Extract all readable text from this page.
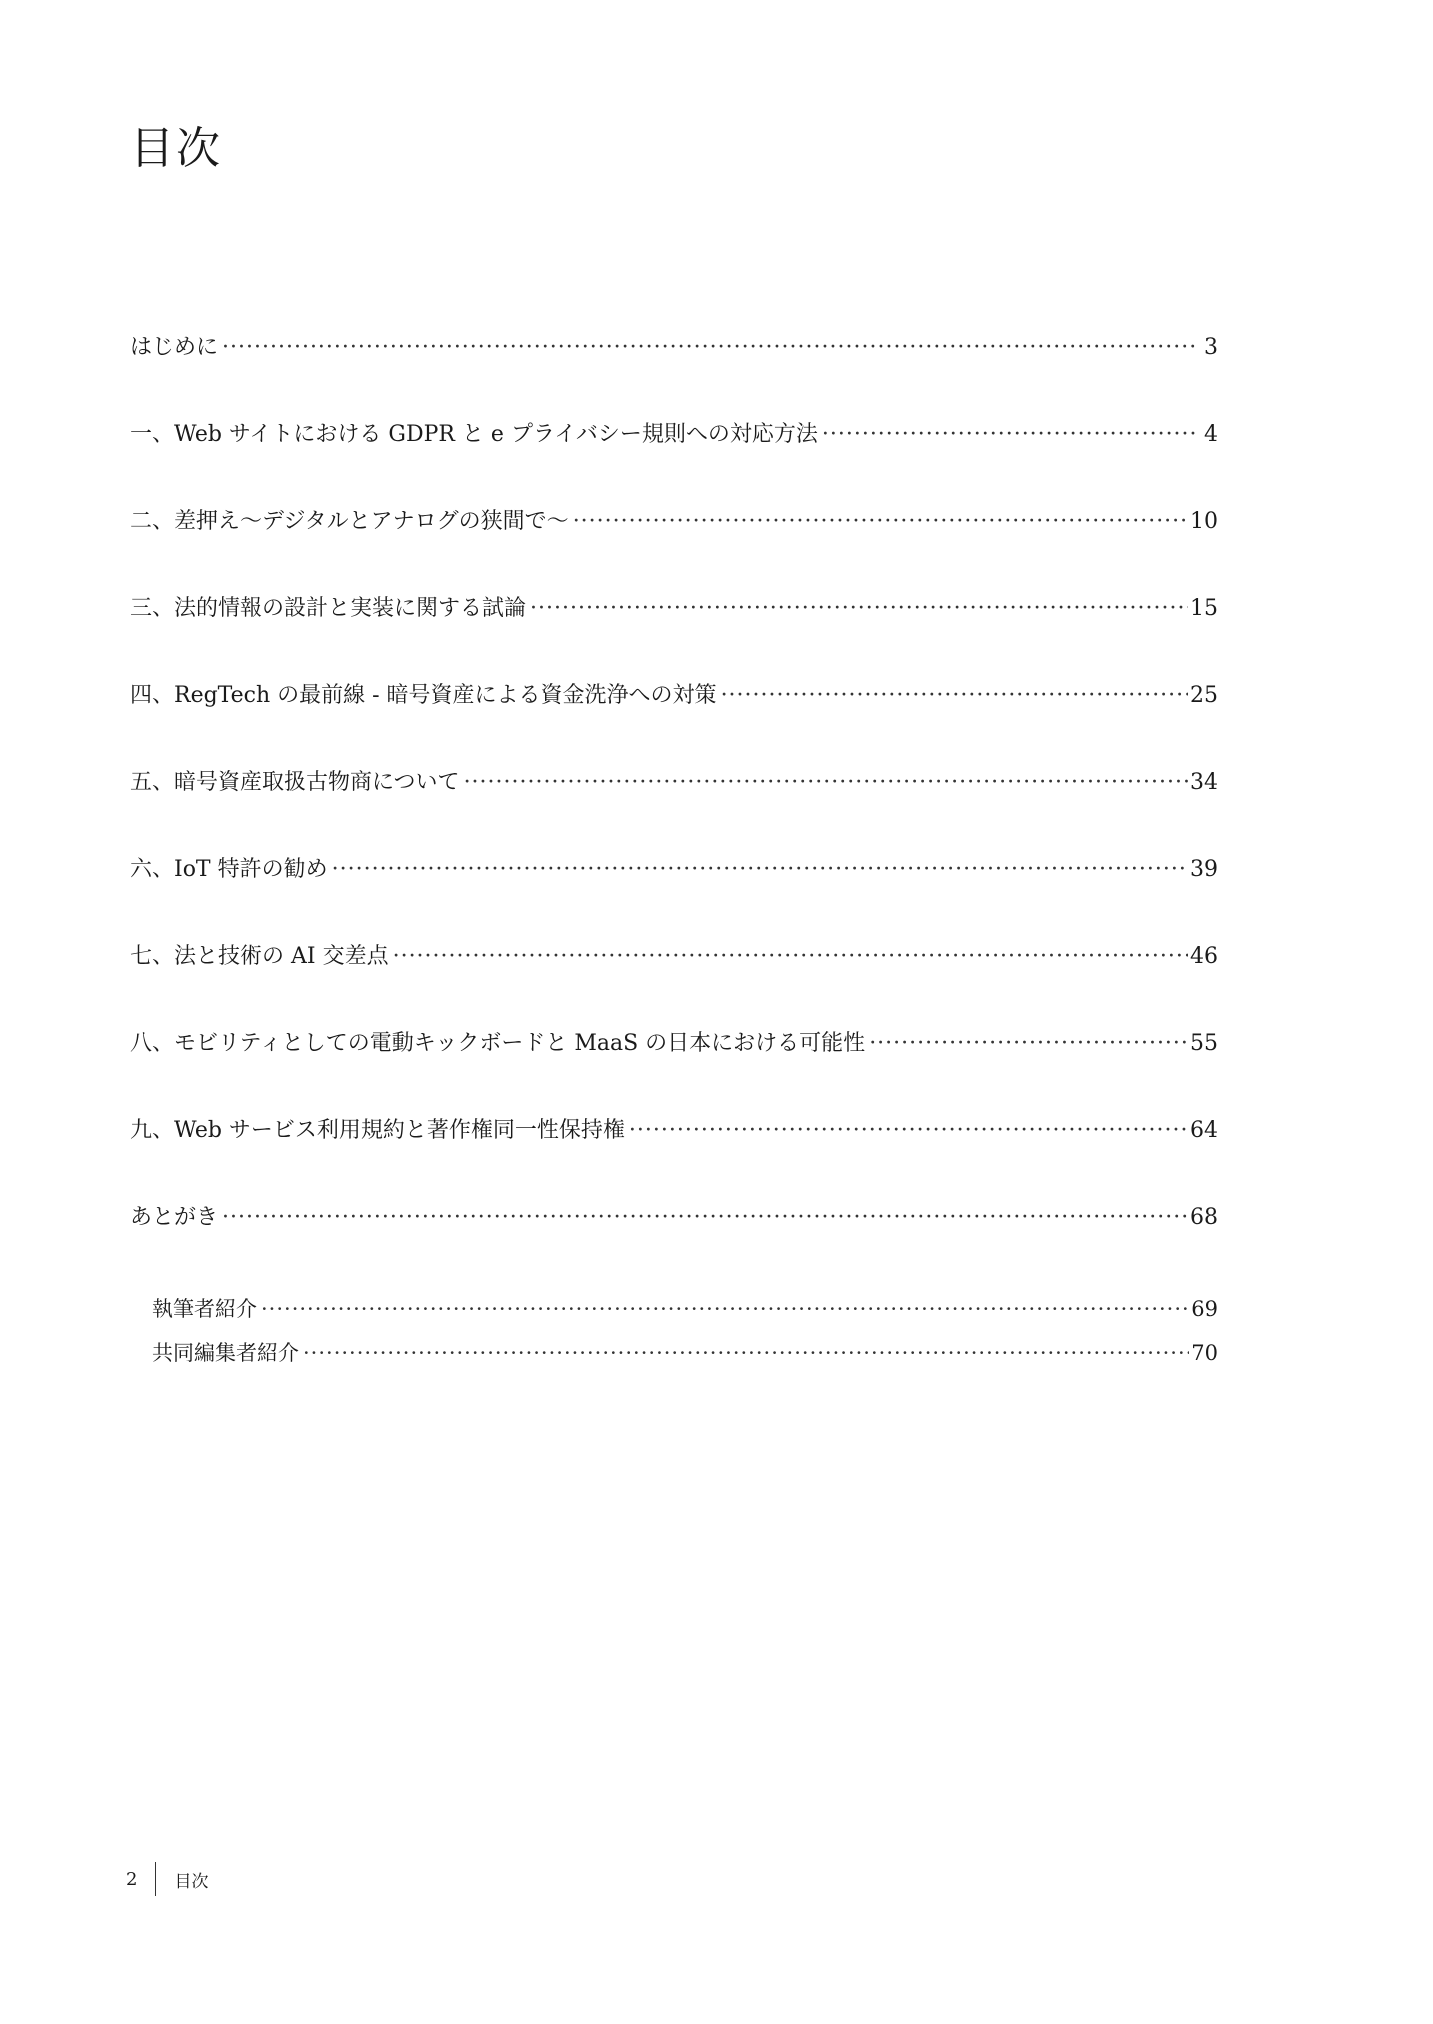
目次
はじめに ·····	3
一、Web サイトにおける GDPR と e プライバシー規則への対応方法 ·····	4
二、差押え〜デジタルとアナログの狭間で〜 ·····	10
三、法的情報の設計と実装に関する試論 ·····	15
四、RegTech の最前線 - 暗号資産による資金洗浄への対策 ·····	25
五、暗号資産取扱古物商について ·····	34
六、IoT 特許の勧め ·····	39
七、法と技術の AI 交差点 ·····	46
八、モビリティとしての電動キックボードと MaaS の日本における可能性 ·····	55
九、Web サービス利用規約と著作権同一性保持権 ·····	64
あとがき ·····	68
執筆者紹介 ·····	69
共同編集者紹介 ·····	70
2	目次
